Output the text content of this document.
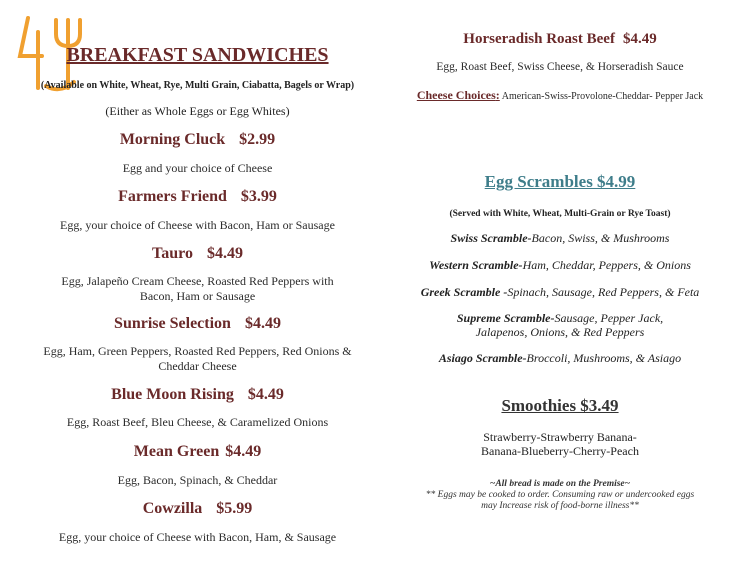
BREAKFAST SANDWICHES
(Available on White, Wheat, Rye, Multi Grain, Ciabatta, Bagels or Wrap)
(Either as Whole Eggs or Egg Whites)
Morning Cluck $2.99
Egg and your choice of Cheese
Farmers Friend $3.99
Egg, your choice of Cheese with Bacon, Ham or Sausage
Tauro $4.49
Egg, Jalapeño Cream Cheese, Roasted Red Peppers with Bacon, Ham or Sausage
Sunrise Selection $4.49
Egg, Ham, Green Peppers, Roasted Red Peppers, Red Onions & Cheddar Cheese
Blue Moon Rising $4.49
Egg, Roast Beef, Bleu Cheese, & Caramelized Onions
Mean Green $4.49
Egg, Bacon, Spinach, & Cheddar
Cowzilla $5.99
Egg, your choice of Cheese with Bacon, Ham, & Sausage
Horseradish Roast Beef $4.49
Egg, Roast Beef, Swiss Cheese, & Horseradish Sauce
Cheese Choices: American-Swiss-Provolone-Cheddar- Pepper Jack
Egg Scrambles $4.99
(Served with White, Wheat, Multi-Grain or Rye Toast)
Swiss Scramble-Bacon, Swiss, & Mushrooms
Western Scramble-Ham, Cheddar, Peppers, & Onions
Greek Scramble -Spinach, Sausage, Red Peppers, & Feta
Supreme Scramble-Sausage, Pepper Jack, Jalapenos, Onions, & Red Peppers
Asiago Scramble-Broccoli, Mushrooms, & Asiago
Smoothies $3.49
Strawberry-Strawberry Banana-
Banana-Blueberry-Cherry-Peach
~All bread is made on the Premise~
** Eggs may be cooked to order. Consuming raw or undercooked eggs
may Increase risk of food-borne illness**
